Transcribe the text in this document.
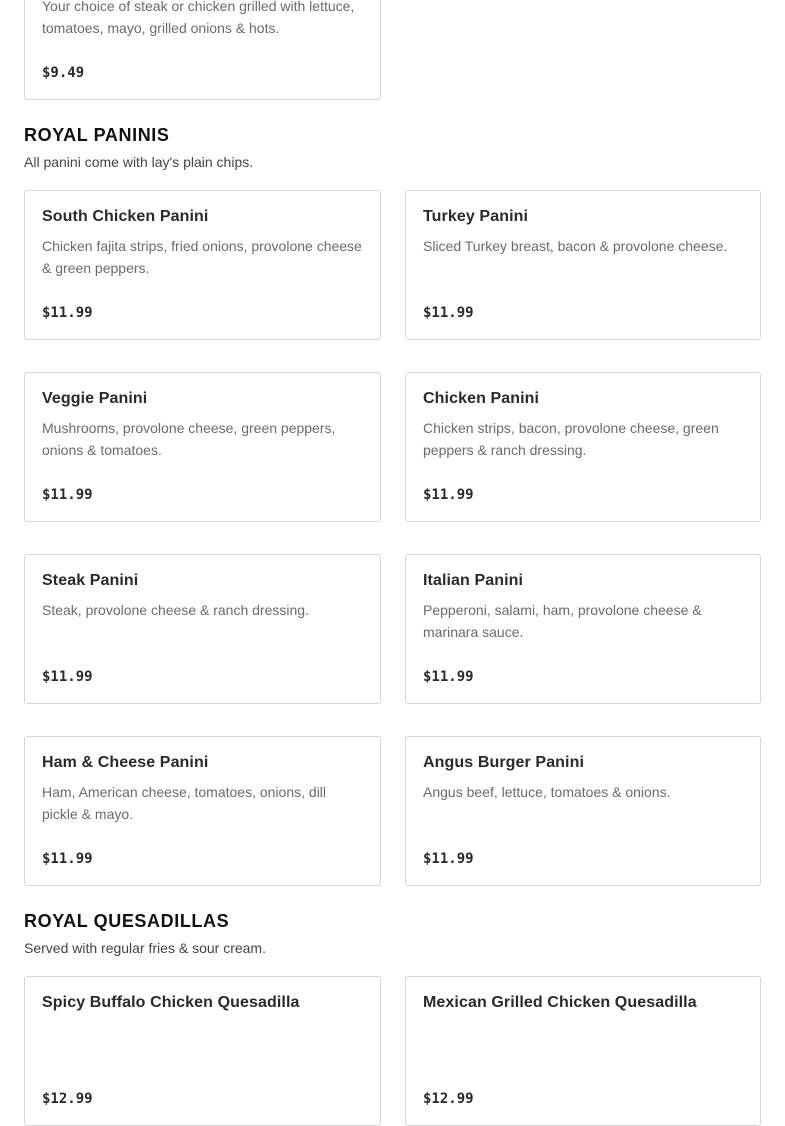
Your choice of steak or chicken grilled with lettuce, tomatoes, mayo, grilled onions & hots.
$9.49
ROYAL PANINIS
All panini come with lay's plain chips.
South Chicken Panini
Chicken fajita strips, fried onions, provolone cheese & green peppers.
$11.99
Turkey Panini
Sliced Turkey breast, bacon & provolone cheese.
$11.99
Veggie Panini
Mushrooms, provolone cheese, green peppers, onions & tomatoes.
$11.99
Chicken Panini
Chicken strips, bacon, provolone cheese, green peppers & ranch dressing.
$11.99
Steak Panini
Steak, provolone cheese & ranch dressing.
$11.99
Italian Panini
Pepperoni, salami, ham, provolone cheese & marinara sauce.
$11.99
Ham & Cheese Panini
Ham, American cheese, tomatoes, onions, dill pickle & mayo.
$11.99
Angus Burger Panini
Angus beef, lettuce, tomatoes & onions.
$11.99
ROYAL QUESADILLAS
Served with regular fries & sour cream.
Spicy Buffalo Chicken Quesadilla
$12.99
Mexican Grilled Chicken Quesadilla
$12.99
